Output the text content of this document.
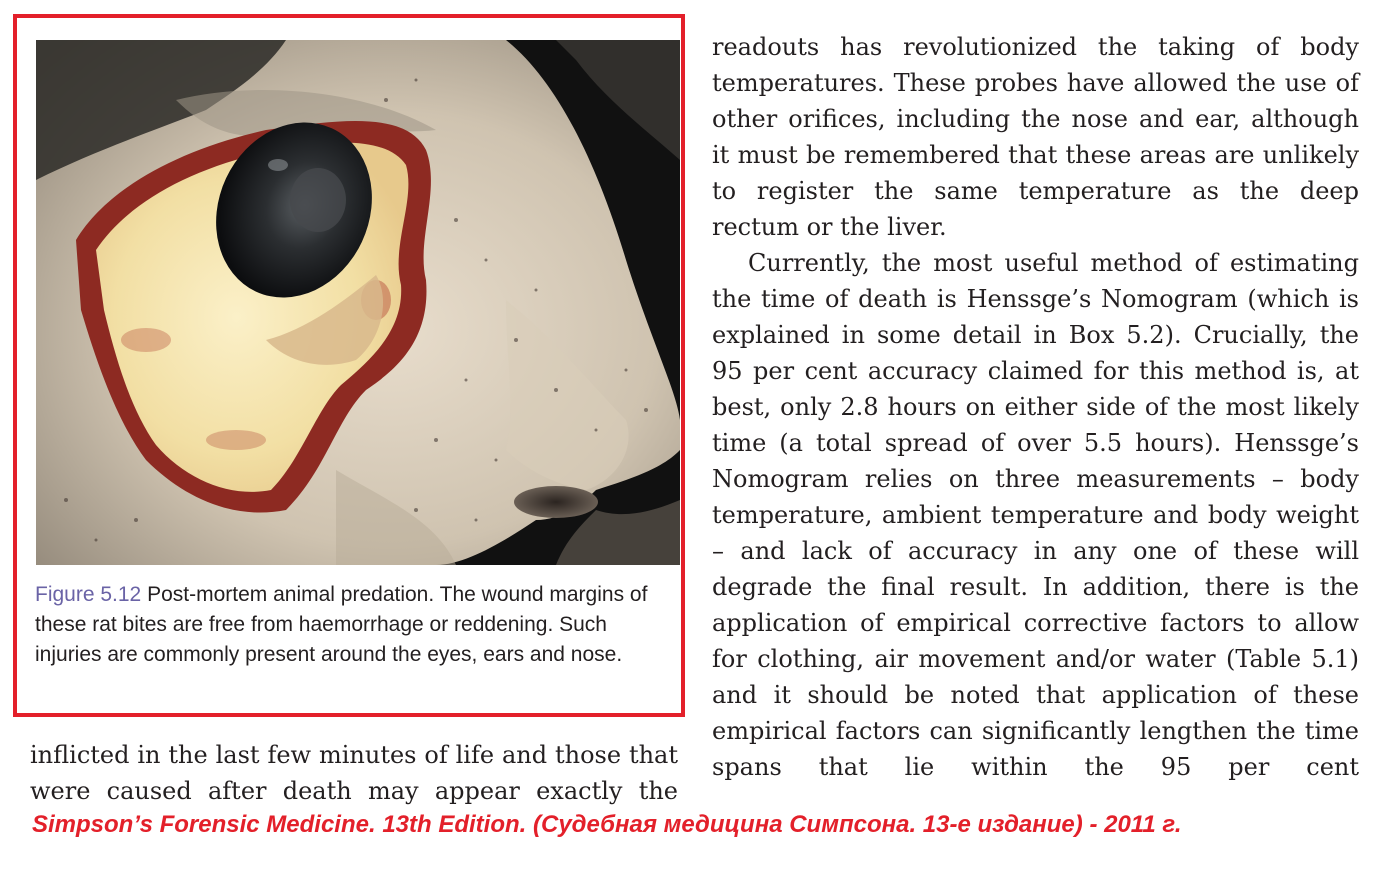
Figure 5.12 Post-mortem animal predation. The wound margins of these rat bites are free from haemorrhage or reddening. Such injuries are commonly present around the eyes, ears and nose.

inflicted in the last few minutes of life and those that were caused after death may appear exactly the

readouts has revolutionized the taking of body temperatures. These probes have allowed the use of other orifices, including the nose and ear, although it must be remembered that these areas are unlikely to register the same temperature as the deep rectum or the liver.

Currently, the most useful method of estimating the time of death is Henssge’s Nomogram (which is explained in some detail in Box 5.2). Crucially, the 95 per cent accuracy claimed for this method is, at best, only 2.8 hours on either side of the most likely time (a total spread of over 5.5 hours). Henssge’s Nomogram relies on three measurements – body temperature, ambient temperature and body weight – and lack of accuracy in any one of these will degrade the final result. In addition, there is the application of empirical corrective factors to allow for clothing, air movement and/or water (Table 5.1) and it should be noted that application of these empirical factors can significantly lengthen the time spans that lie within the 95 per cent

Simpson’s Forensic Medicine. 13th Edition. (Судебная медицина Симпсона. 13-е издание) - 2011 г.
